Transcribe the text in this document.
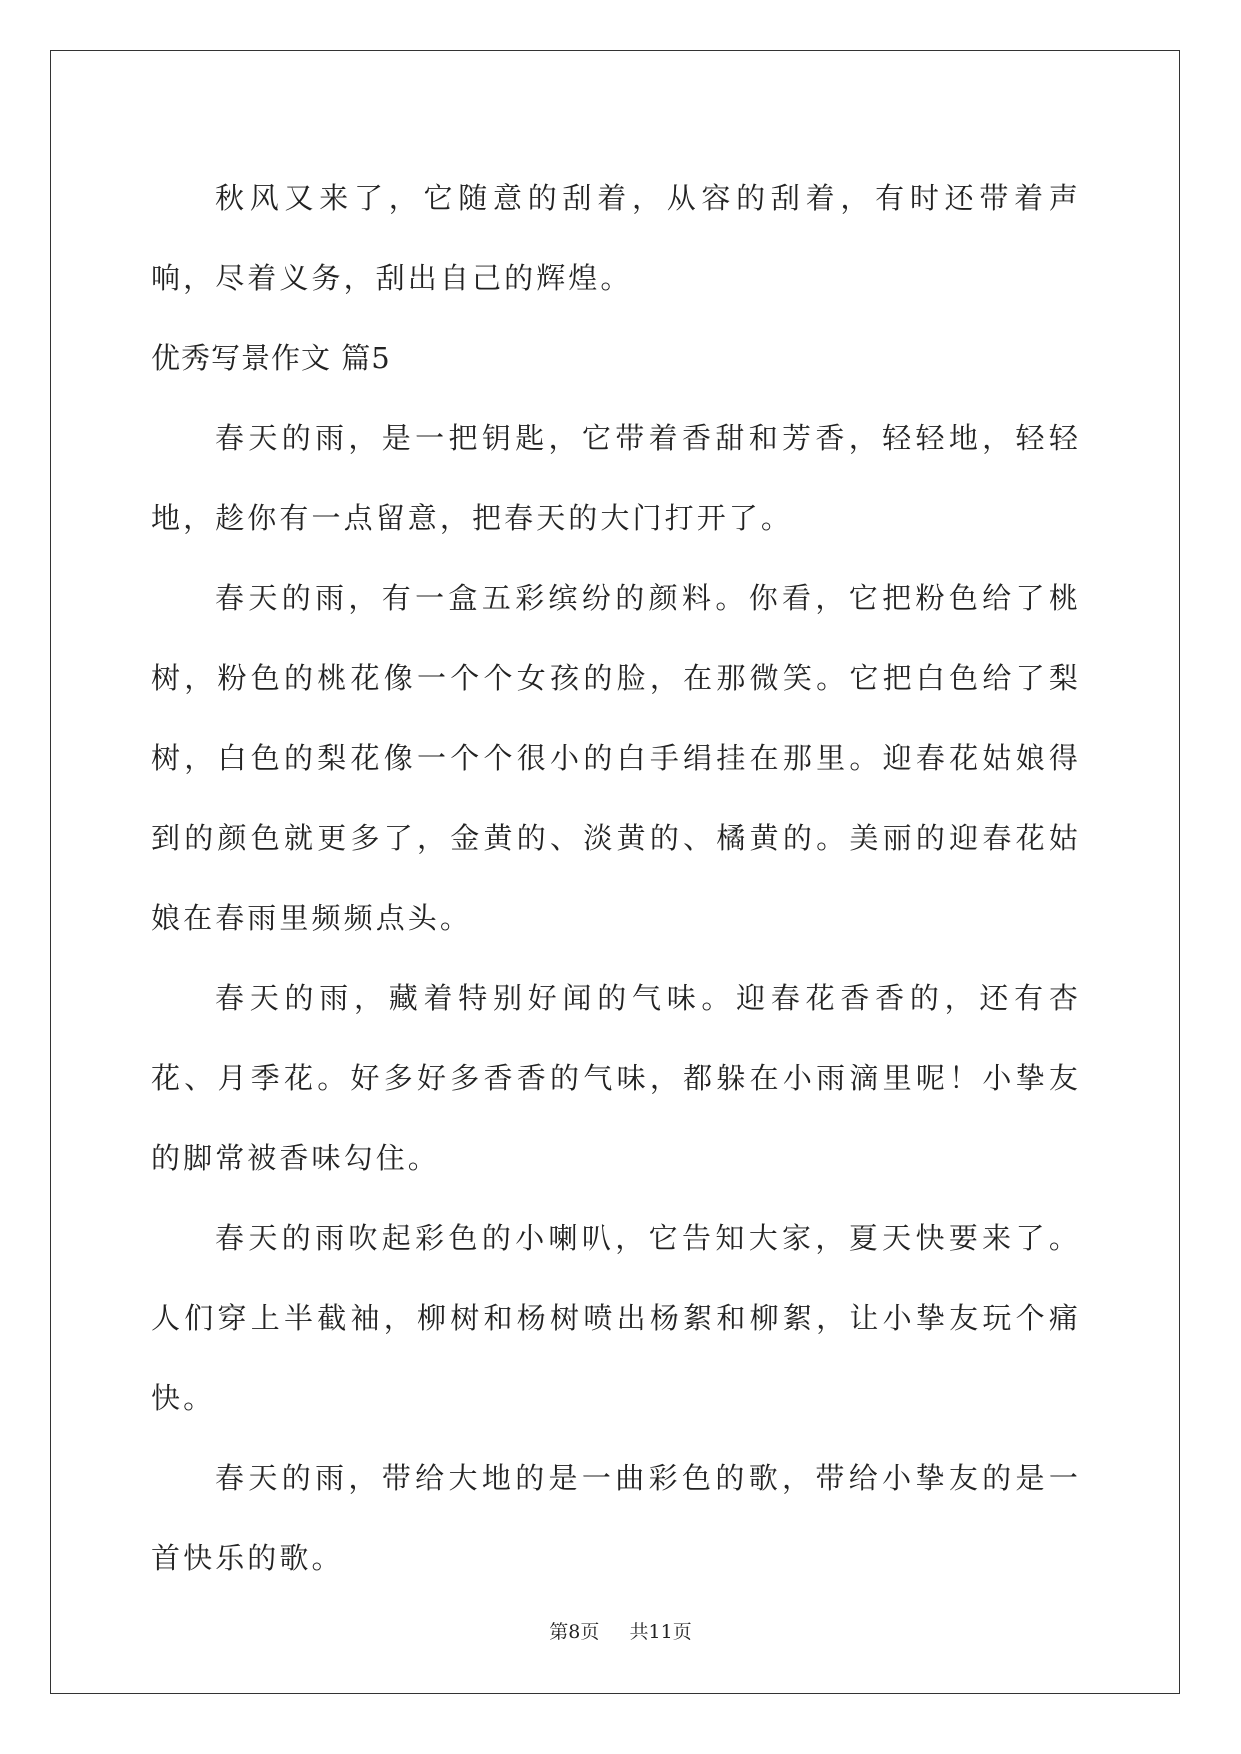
秋风又来了，它随意的刮着，从容的刮着，有时还带着声响，尽着义务，刮出自己的辉煌。

优秀写景作文 篇5

春天的雨，是一把钥匙，它带着香甜和芳香，轻轻地，轻轻地，趁你有一点留意，把春天的大门打开了。

春天的雨，有一盒五彩缤纷的颜料。你看，它把粉色给了桃树，粉色的桃花像一个个女孩的脸，在那微笑。它把白色给了梨树，白色的梨花像一个个很小的白手绢挂在那里。迎春花姑娘得到的颜色就更多了，金黄的、淡黄的、橘黄的。美丽的迎春花姑娘在春雨里频频点头。

春天的雨，藏着特别好闻的气味。迎春花香香的，还有杏花、月季花。好多好多香香的气味，都躲在小雨滴里呢！小挚友的脚常被香味勾住。

春天的雨吹起彩色的小喇叭，它告知大家，夏天快要来了。人们穿上半截袖，柳树和杨树喷出杨絮和柳絮，让小挚友玩个痛快。

春天的雨，带给大地的是一曲彩色的歌，带给小挚友的是一首快乐的歌。

第8页 共11页
